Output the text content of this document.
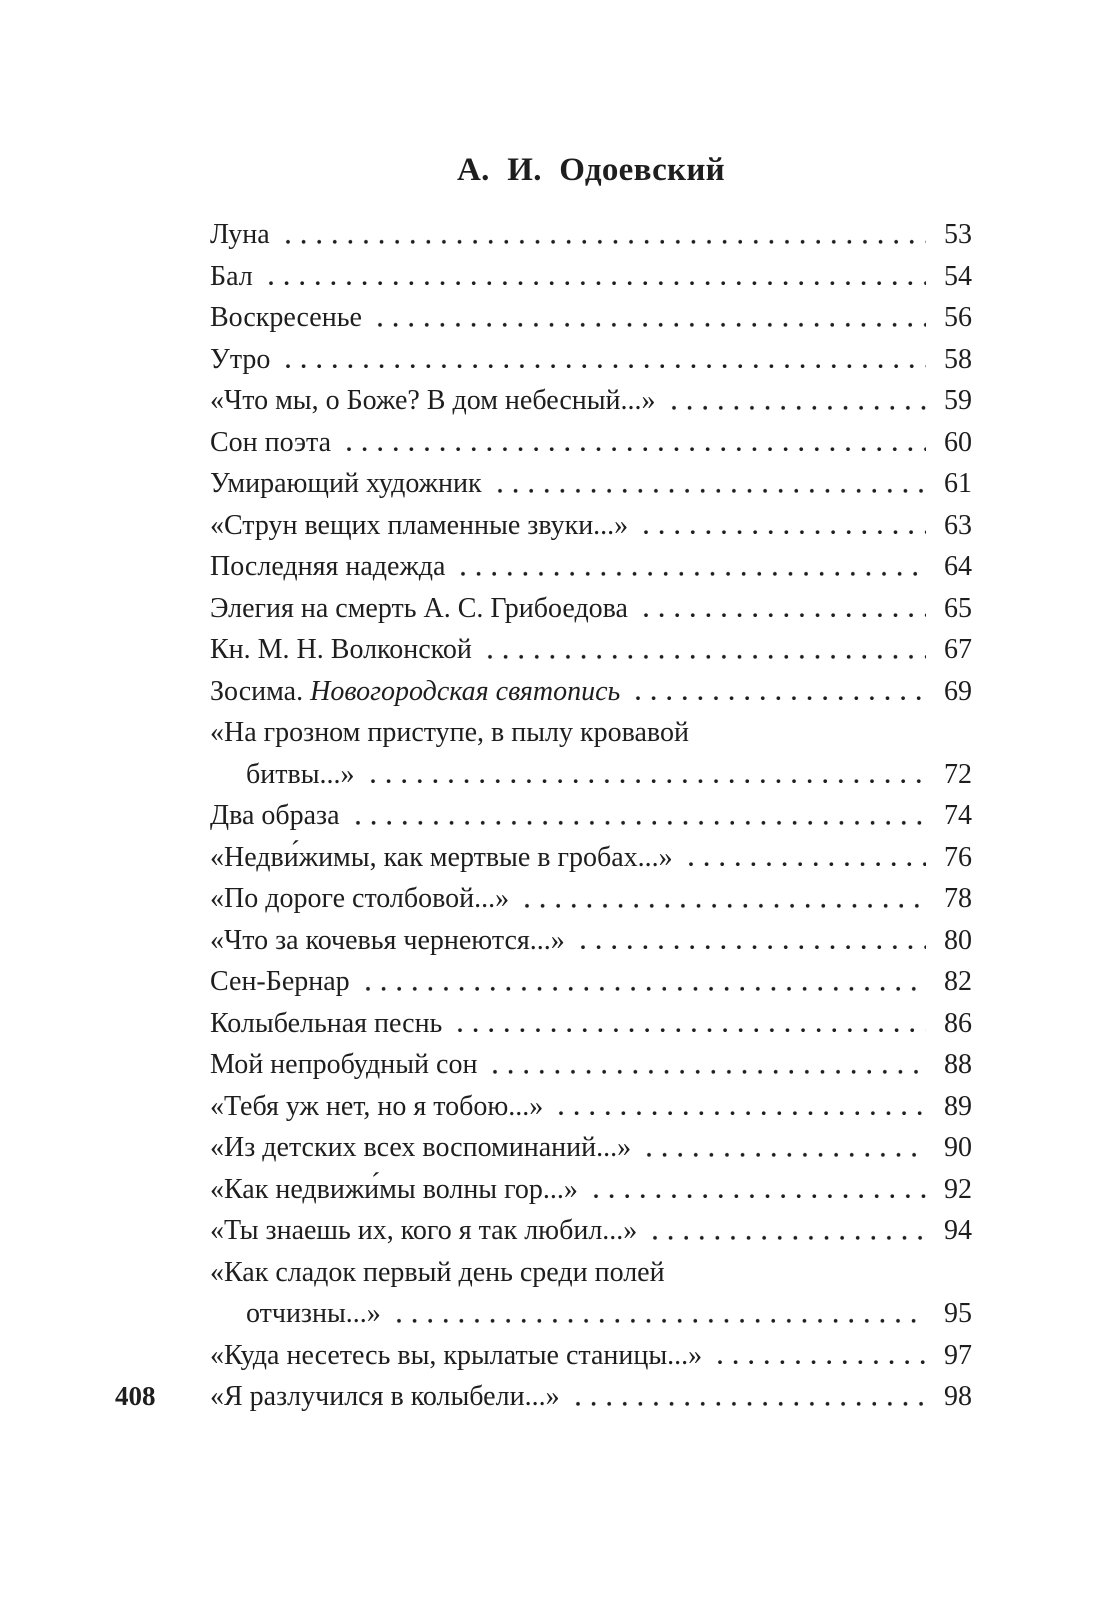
А. И. Одоевский
Луна	53
Бал	54
Воскресенье	56
Утро	58
«Что мы, о Боже? В дом небесный...»	59
Сон поэта	60
Умирающий художник	61
«Струн вещих пламенные звуки...»	63
Последняя надежда	64
Элегия на смерть А. С. Грибоедова	65
Кн. М. Н. Волконской	67
Зосима. Новогородская святопись	69
«На грозном приступе, в пылу кровавой
битвы...»	72
Два образа	74
«Недви́жимы, как мертвые в гробах...»	76
«По дороге столбовой...»	78
«Что за кочевья чернеются...»	80
Сен-Бернар	82
Колыбельная песнь	86
Мой непробудный сон	88
«Тебя уж нет, но я тобою...»	89
«Из детских всех воспоминаний...»	90
«Как недвижи́мы волны гор...»	92
«Ты знаешь их, кого я так любил...»	94
«Как сладок первый день среди полей
отчизны...»	95
«Куда несетесь вы, крылатые станицы...»	97
«Я разлучился в колыбели...»	98
408
